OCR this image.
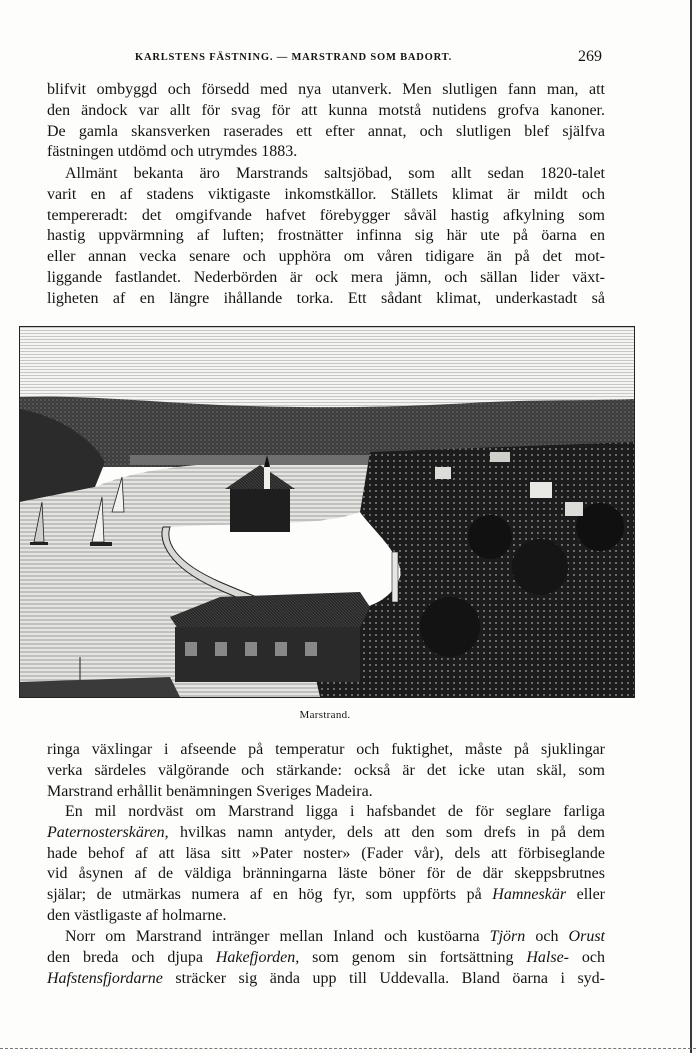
KARLSTENS FÄSTNING. — MARSTRAND SOM BADORT.	269

blifvit ombyggd och försedd med nya utanverk. Men slutligen fann man, att
den ändock var allt för svag för att kunna motstå nutidens grofva kanoner.
De gamla skansverken raserades ett efter annat, och slutligen blef själfva
fästningen utdömd och utrymdes 1883.

Allmänt bekanta äro Marstrands saltsjöbad, som allt sedan 1820-talet
varit en af stadens viktigaste inkomstkällor. Ställets klimat är mildt och
tempereradt: det omgifvande hafvet förebygger såväl hastig afkylning som
hastig uppvärmning af luften; frostnätter infinna sig här ute på öarna en
eller annan vecka senare och upphöra om våren tidigare än på det mot-
liggande fastlandet. Nederbörden är ock mera jämn, och sällan lider växt-
ligheten af en längre ihållande torka. Ett sådant klimat, underkastadt så

Marstrand.

ringa växlingar i afseende på temperatur och fuktighet, måste på sjuklingar
verka särdeles välgörande och stärkande: också är det icke utan skäl, som
Marstrand erhållit benämningen Sveriges Madeira.

En mil nordväst om Marstrand ligga i hafsbandet de för seglare farliga
Paternosterskären, hvilkas namn antyder, dels att den som drefs in på dem
hade behof af att läsa sitt »Pater noster» (Fader vår), dels att förbiseglande
vid åsynen af de väldiga bränningarna läste böner för de där skeppsbrutnes
själar; de utmärkas numera af en hög fyr, som uppförts på Hamneskär eller
den västligaste af holmarne.

Norr om Marstrand intränger mellan Inland och kustöarna Tjörn och Orust
den breda och djupa Hakefjorden, som genom sin fortsättning Halse- och
Hafstensfjordarne sträcker sig ända upp till Uddevalla. Bland öarna i syd-
